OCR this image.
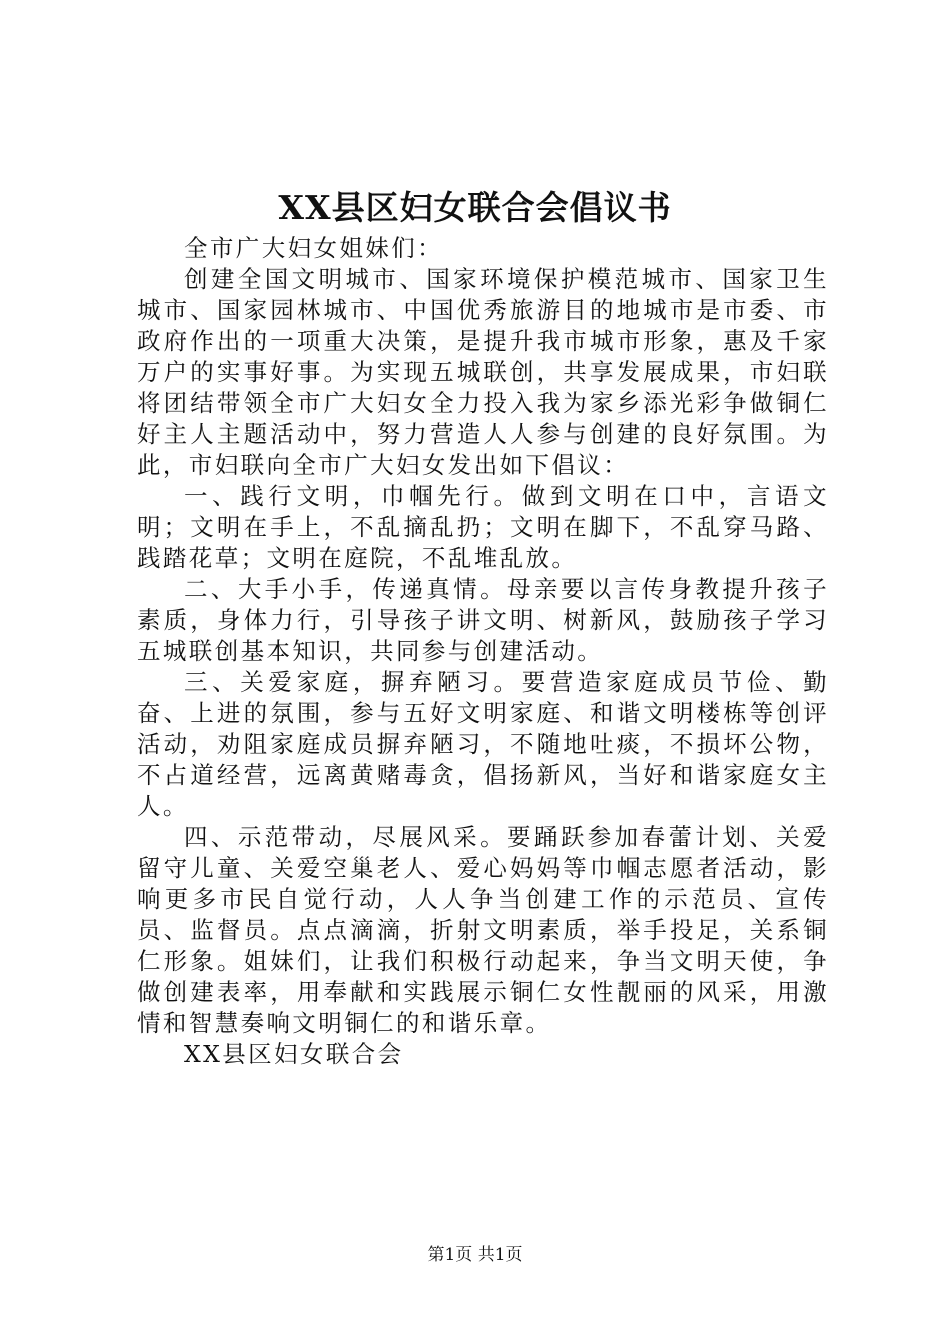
XX县区妇女联合会倡议书

全市广大妇女姐妹们：

创建全国文明城市、国家环境保护模范城市、国家卫生城市、国家园林城市、中国优秀旅游目的地城市是市委、市政府作出的一项重大决策，是提升我市城市形象，惠及千家万户的实事好事。为实现五城联创，共享发展成果，市妇联将团结带领全市广大妇女全力投入我为家乡添光彩争做铜仁好主人主题活动中，努力营造人人参与创建的良好氛围。为此，市妇联向全市广大妇女发出如下倡议：

一、践行文明，巾帼先行。做到文明在口中，言语文明；文明在手上，不乱摘乱扔；文明在脚下，不乱穿马路、践踏花草；文明在庭院，不乱堆乱放。

二、大手小手，传递真情。母亲要以言传身教提升孩子素质，身体力行，引导孩子讲文明、树新风，鼓励孩子学习五城联创基本知识，共同参与创建活动。

三、关爱家庭，摒弃陋习。要营造家庭成员节俭、勤奋、上进的氛围，参与五好文明家庭、和谐文明楼栋等创评活动，劝阻家庭成员摒弃陋习，不随地吐痰，不损坏公物，不占道经营，远离黄赌毒贪，倡扬新风，当好和谐家庭女主人。

四、示范带动，尽展风采。要踊跃参加春蕾计划、关爱留守儿童、关爱空巢老人、爱心妈妈等巾帼志愿者活动，影响更多市民自觉行动，人人争当创建工作的示范员、宣传员、监督员。点点滴滴，折射文明素质，举手投足，关系铜仁形象。姐妹们，让我们积极行动起来，争当文明天使，争做创建表率，用奉献和实践展示铜仁女性靓丽的风采，用激情和智慧奏响文明铜仁的和谐乐章。

XX县区妇女联合会

第1页 共1页
